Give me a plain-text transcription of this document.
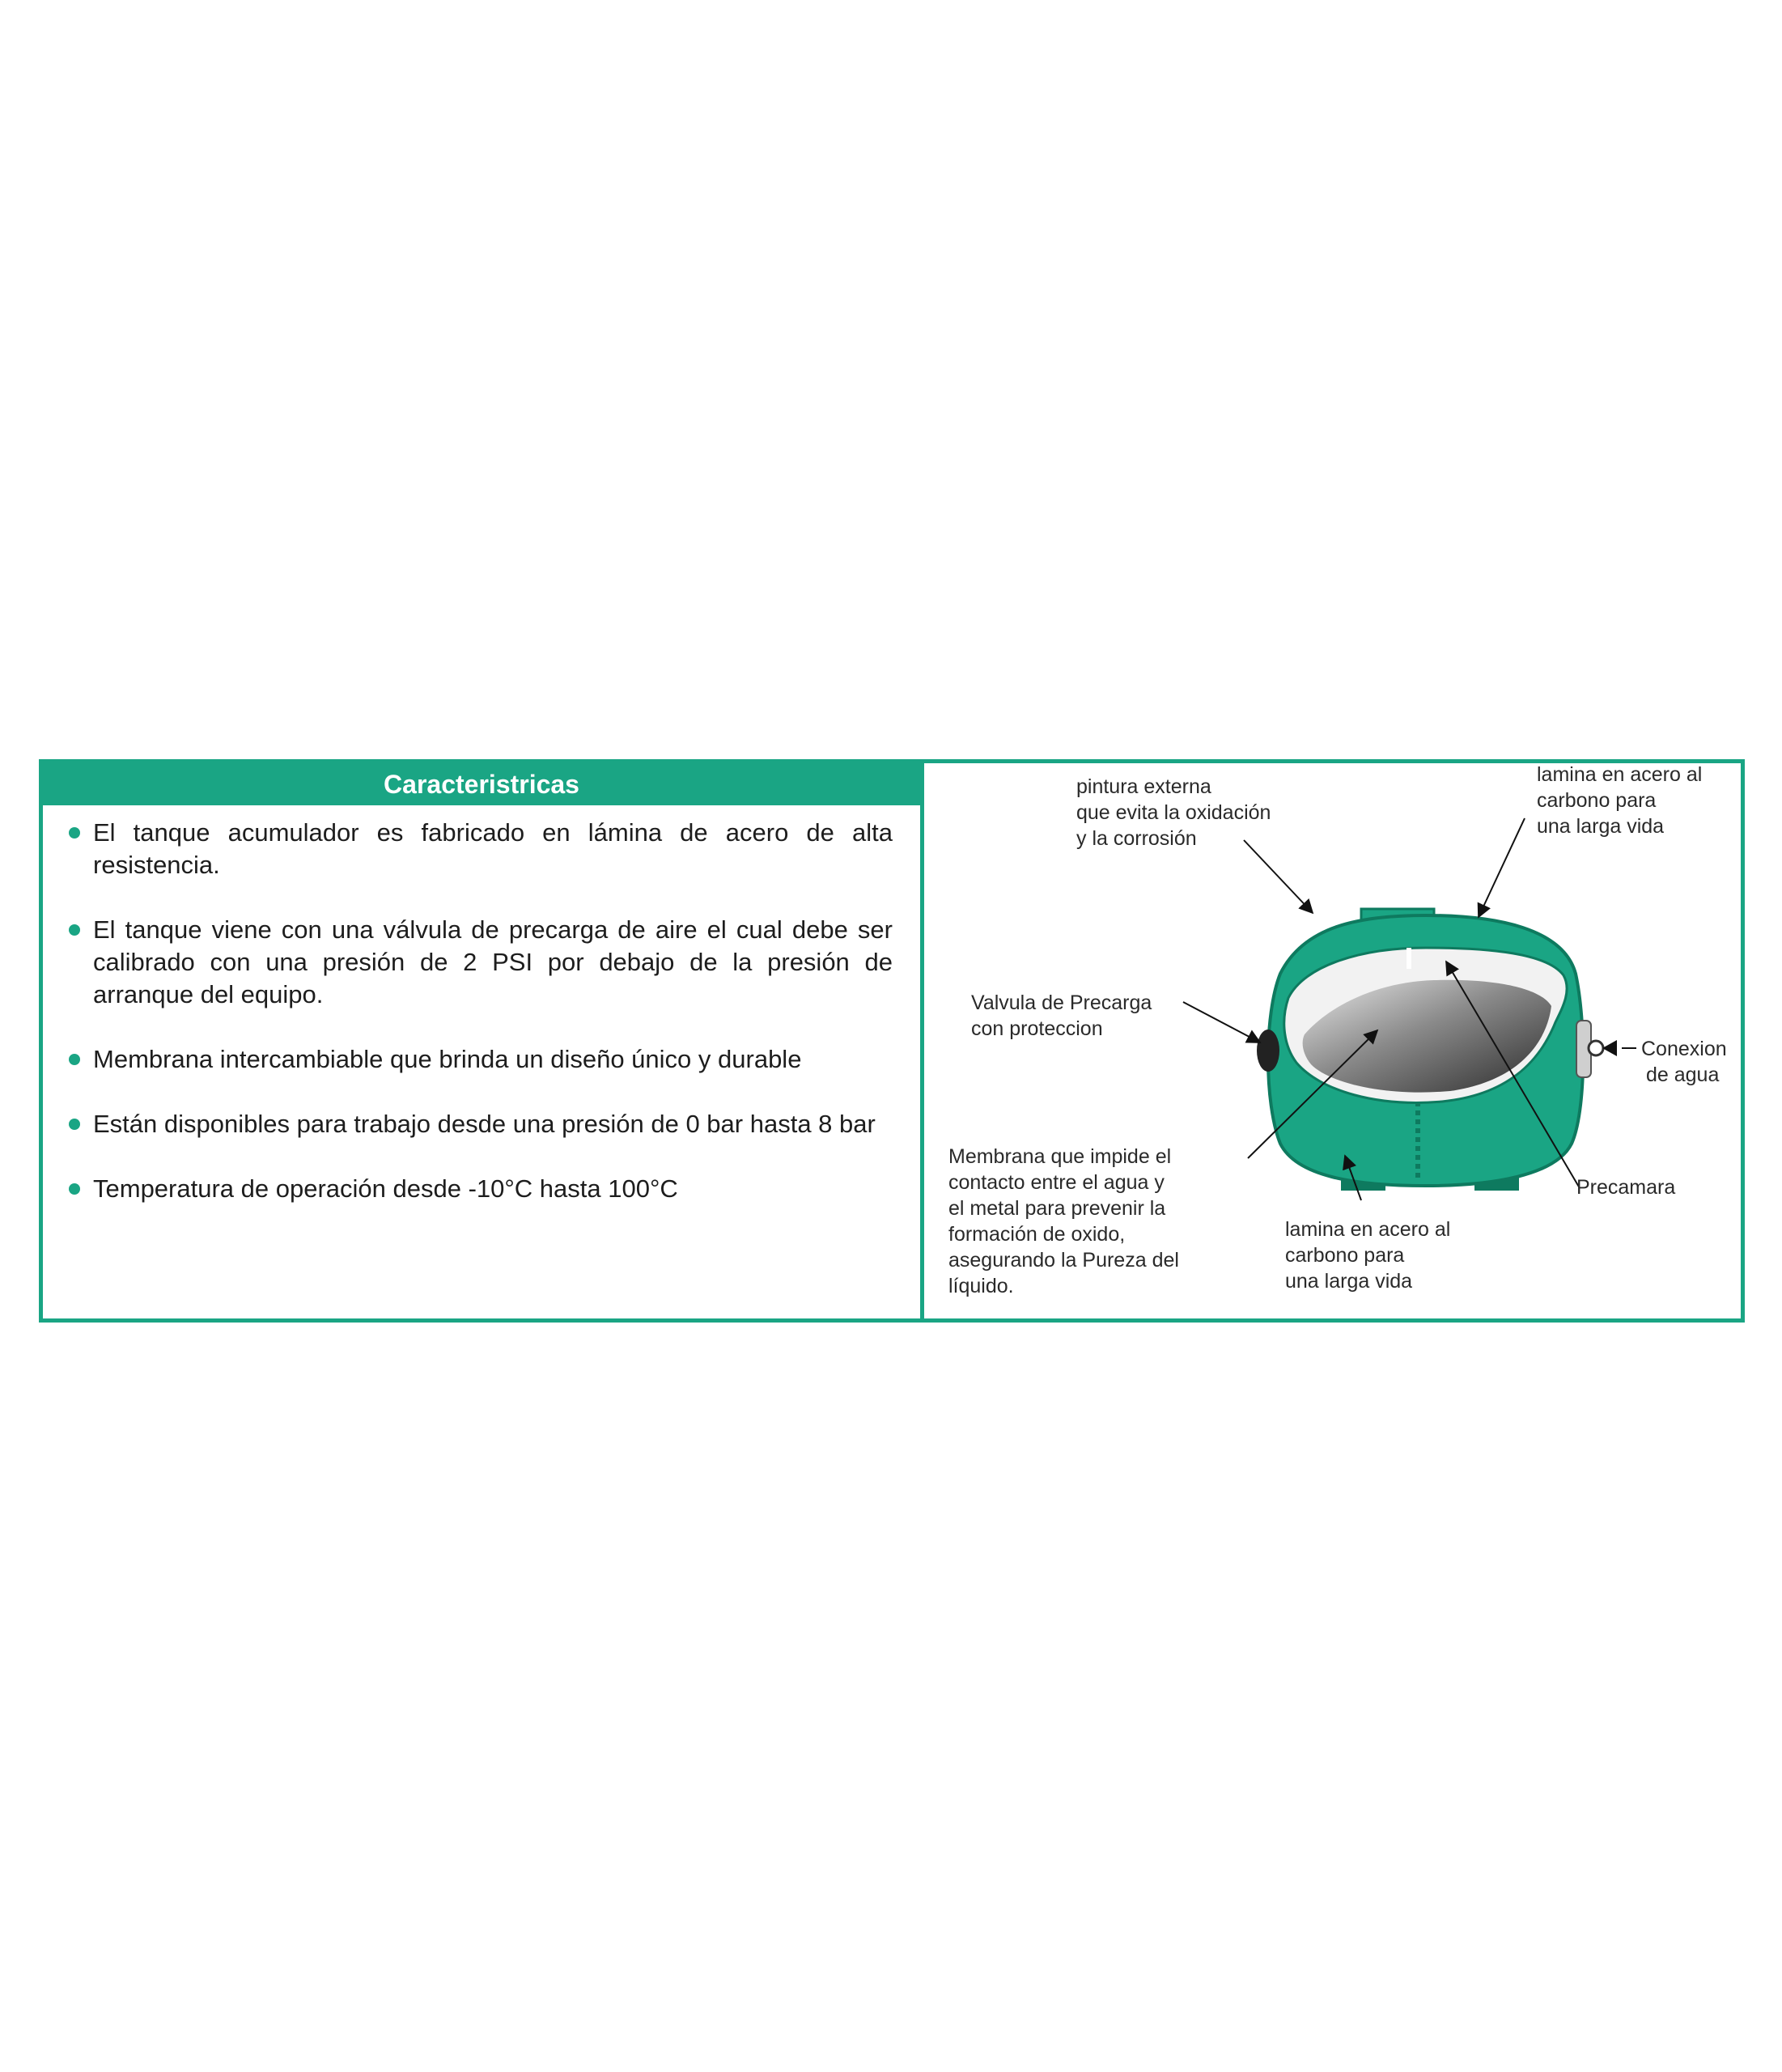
Caracteristricas
El tanque acumulador es fabricado en lámina de acero de alta resistencia.
El tanque viene con una válvula de precarga de aire el cual debe ser calibrado con una presión de 2 PSI por debajo de la presión de arranque del equipo.
Membrana intercambiable que brinda un diseño único y durable
Están disponibles para trabajo desde una presión de 0 bar hasta 8 bar
Temperatura de operación desde -10°C hasta 100°C
pintura externa
que evita la oxidación
y la corrosión
lamina en acero al
carbono para
una larga vida
Valvula de Precarga
con proteccion
Conexion
de agua
Membrana que impide el
contacto entre el agua y
el metal para prevenir la
formación de oxido,
asegurando la Pureza del
líquido.
lamina en acero al
carbono para
una larga vida
Precamara
